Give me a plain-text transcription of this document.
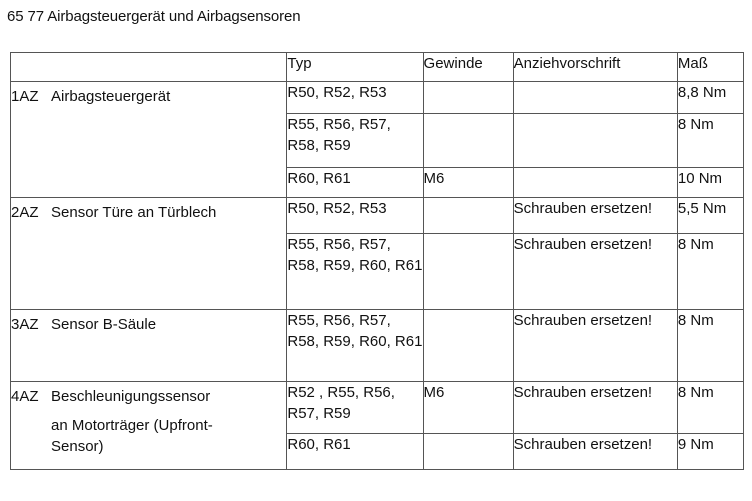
65 77 Airbagsteuergerät und Airbagsensoren
	Typ	Gewinde	Anziehvorschrift	Maß

1AZ Airbagsteuergerät	R50, R52, R53			8,8 Nm
	R55, R56, R57, R58, R59			8 Nm
	R60, R61	M6		10 Nm

2AZ Sensor Türe an Türblech	R50, R52, R53		Schrauben ersetzen!	5,5 Nm
	R55, R56, R57, R58, R59, R60, R61		Schrauben ersetzen!	8 Nm

3AZ Sensor B-Säule	R55, R56, R57, R58, R59, R60, R61		Schrauben ersetzen!	8 Nm

4AZ Beschleunigungssensor
an Motorträger (Upfront-Sensor)	R52 , R55, R56, R57, R59	M6	Schrauben ersetzen!	8 Nm
	R60, R61		Schrauben ersetzen!	9 Nm
